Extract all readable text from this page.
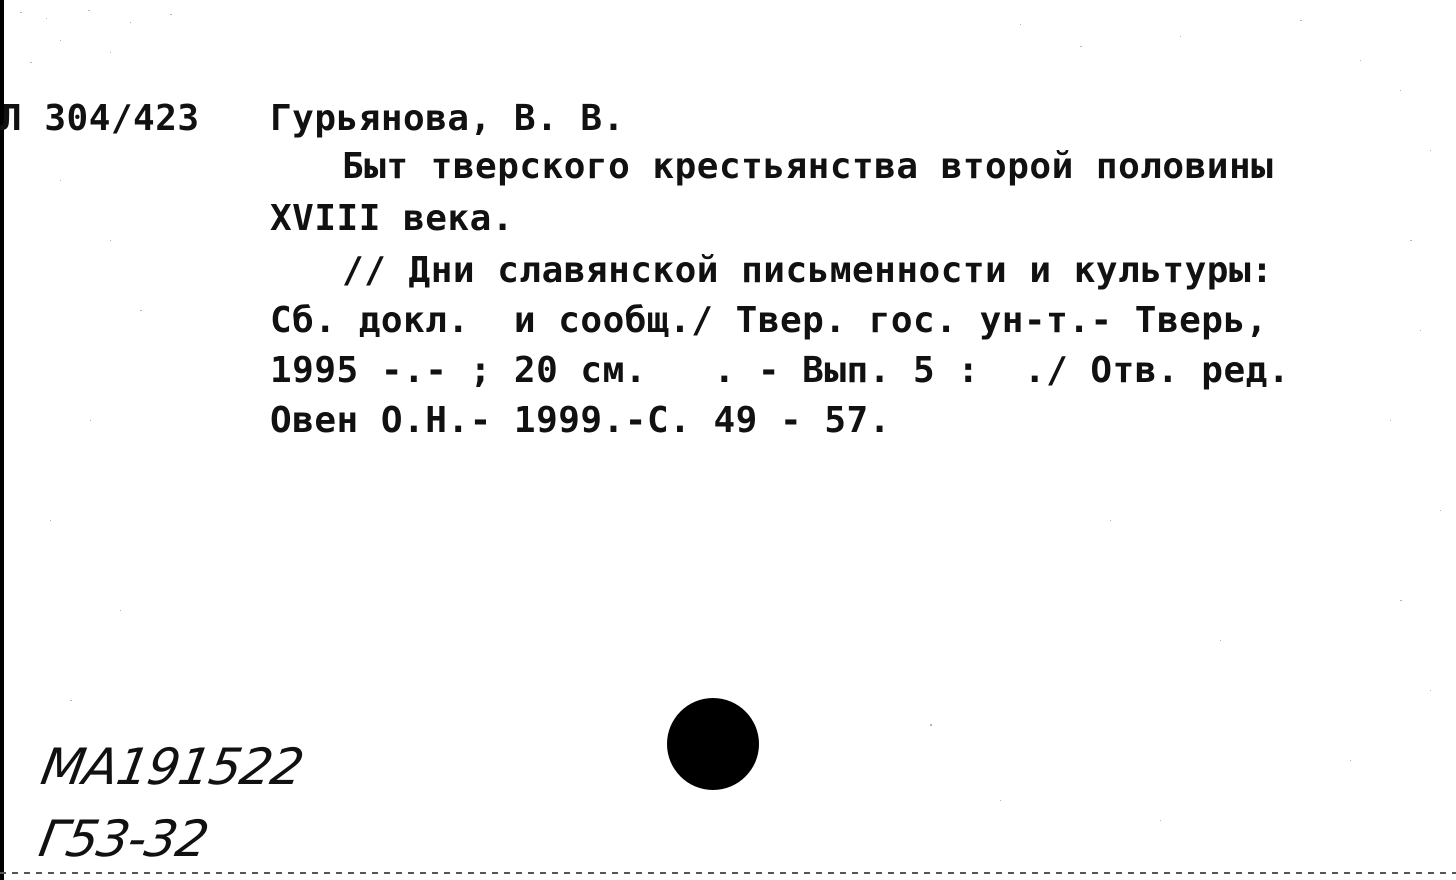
Л 304/423 Гурьянова, В. В.
Быт тверского крестьянства второй половины
XVIII века.
// Дни славянской письменности и культуры:
Сб. докл.  и сообщ./ Твер. гос. ун-т.- Тверь,
1995 -.- ; 20 см.   . - Вып. 5 :  ./ Отв. ред.
Овен О.Н.- 1999.-С. 49 - 57.
МА191522
Г53-32
